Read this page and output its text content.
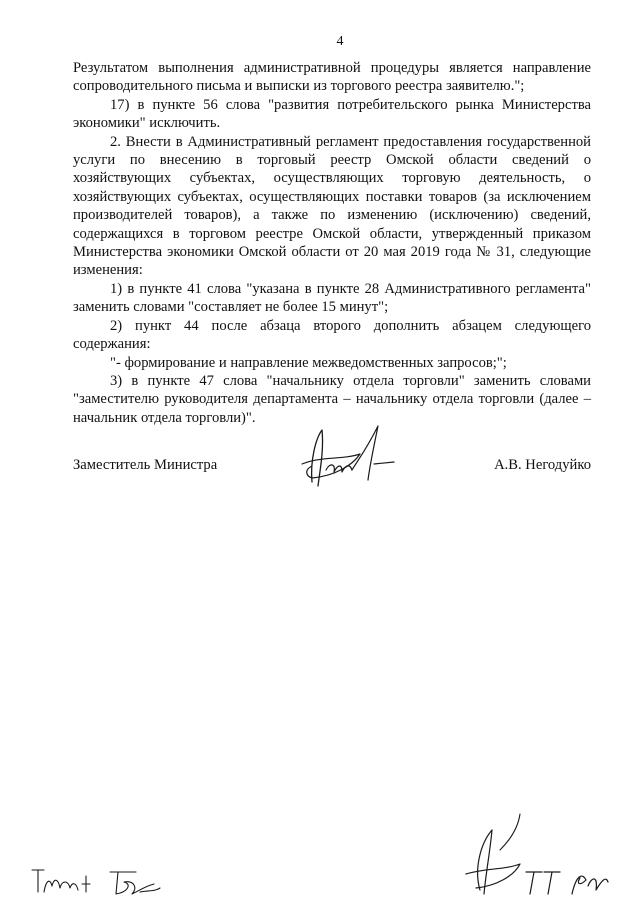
4

Результатом выполнения административной процедуры является направление сопроводительного письма и выписки из торгового реестра заявителю.";

17) в пункте 56 слова "развития потребительского рынка Министерства экономики" исключить.

2. Внести в Административный регламент предоставления государственной услуги по внесению в торговый реестр Омской области сведений о хозяйствующих субъектах, осуществляющих торговую деятельность, о хозяйствующих субъектах, осуществляющих поставки товаров (за исключением производителей товаров), а также по изменению (исключению) сведений, содержащихся в торговом реестре Омской области, утвержденный приказом Министерства экономики Омской области от 20 мая 2019 года № 31, следующие изменения:

1) в пункте 41 слова "указана в пункте 28 Административного регламента" заменить словами "составляет не более 15 минут";

2) пункт 44 после абзаца второго дополнить абзацем следующего содержания:

"- формирование и направление межведомственных запросов;";

3) в пункте 47 слова "начальнику отдела торговли" заменить словами "заместителю руководителя департамента – начальнику отдела торговли (далее – начальник отдела торговли)".

Заместитель Министра	А.В. Негодуйко
